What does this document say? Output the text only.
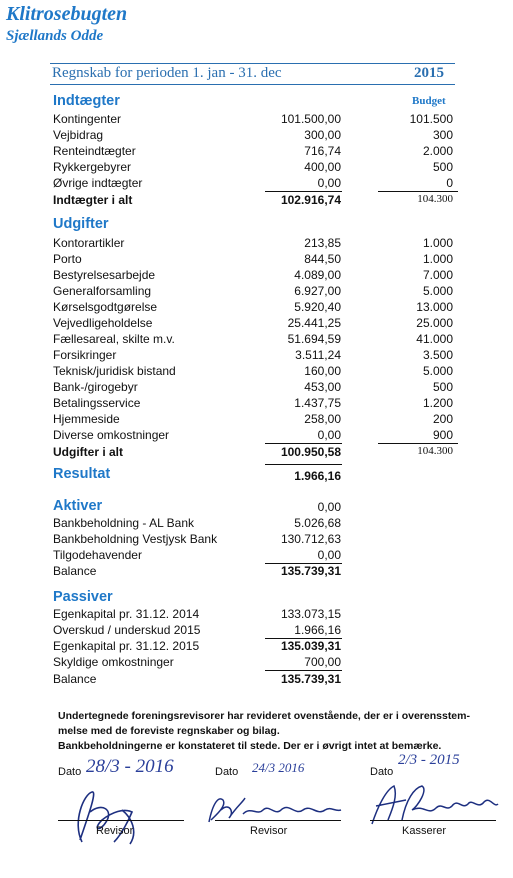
Klitrosebugten
Sjællands Odde
Regnskab for perioden 1. jan - 31. dec	2015
Indtægter	Budget
Kontingenter	101.500,00	101.500
Vejbidrag	300,00	300
Renteindtægter	716,74	2.000
Rykkergebyrer	400,00	500
Øvrige indtægter	0,00	0
Indtægter i alt	102.916,74	104.300
Udgifter
Kontorartikler	213,85	1.000
Porto	844,50	1.000
Bestyrelsesarbejde	4.089,00	7.000
Generalforsamling	6.927,00	5.000
Kørselsgodtgørelse	5.920,40	13.000
Vejvedligeholdelse	25.441,25	25.000
Fællesareal, skilte m.v.	51.694,59	41.000
Forsikringer	3.511,24	3.500
Teknisk/juridisk bistand	160,00	5.000
Bank-/girogebyr	453,00	500
Betalingsservice	1.437,75	1.200
Hjemmeside	258,00	200
Diverse omkostninger	0,00	900
Udgifter i alt	100.950,58	104.300
Resultat	1.966,16
Aktiver	0,00
Bankbeholdning - AL Bank	5.026,68
Bankbeholdning Vestjysk Bank	130.712,63
Tilgodehavender	0,00
Balance	135.739,31
Passiver
Egenkapital pr. 31.12. 2014	133.073,15
Overskud / underskud 2015	1.966,16
Egenkapital pr. 31.12. 2015	135.039,31
Skyldige omkostninger	700,00
Balance	135.739,31
Undertegnede foreningsrevisorer har revideret ovenstående, der er i overensstem-
melse med de foreviste regnskaber og bilag.
Bankbeholdningerne er konstateret til stede. Der er i øvrigt intet at bemærke.
Dato 28/3 - 2016	Dato 24/3 2016	Dato
2/3 - 2015
Revisor	Revisor	Kasserer
